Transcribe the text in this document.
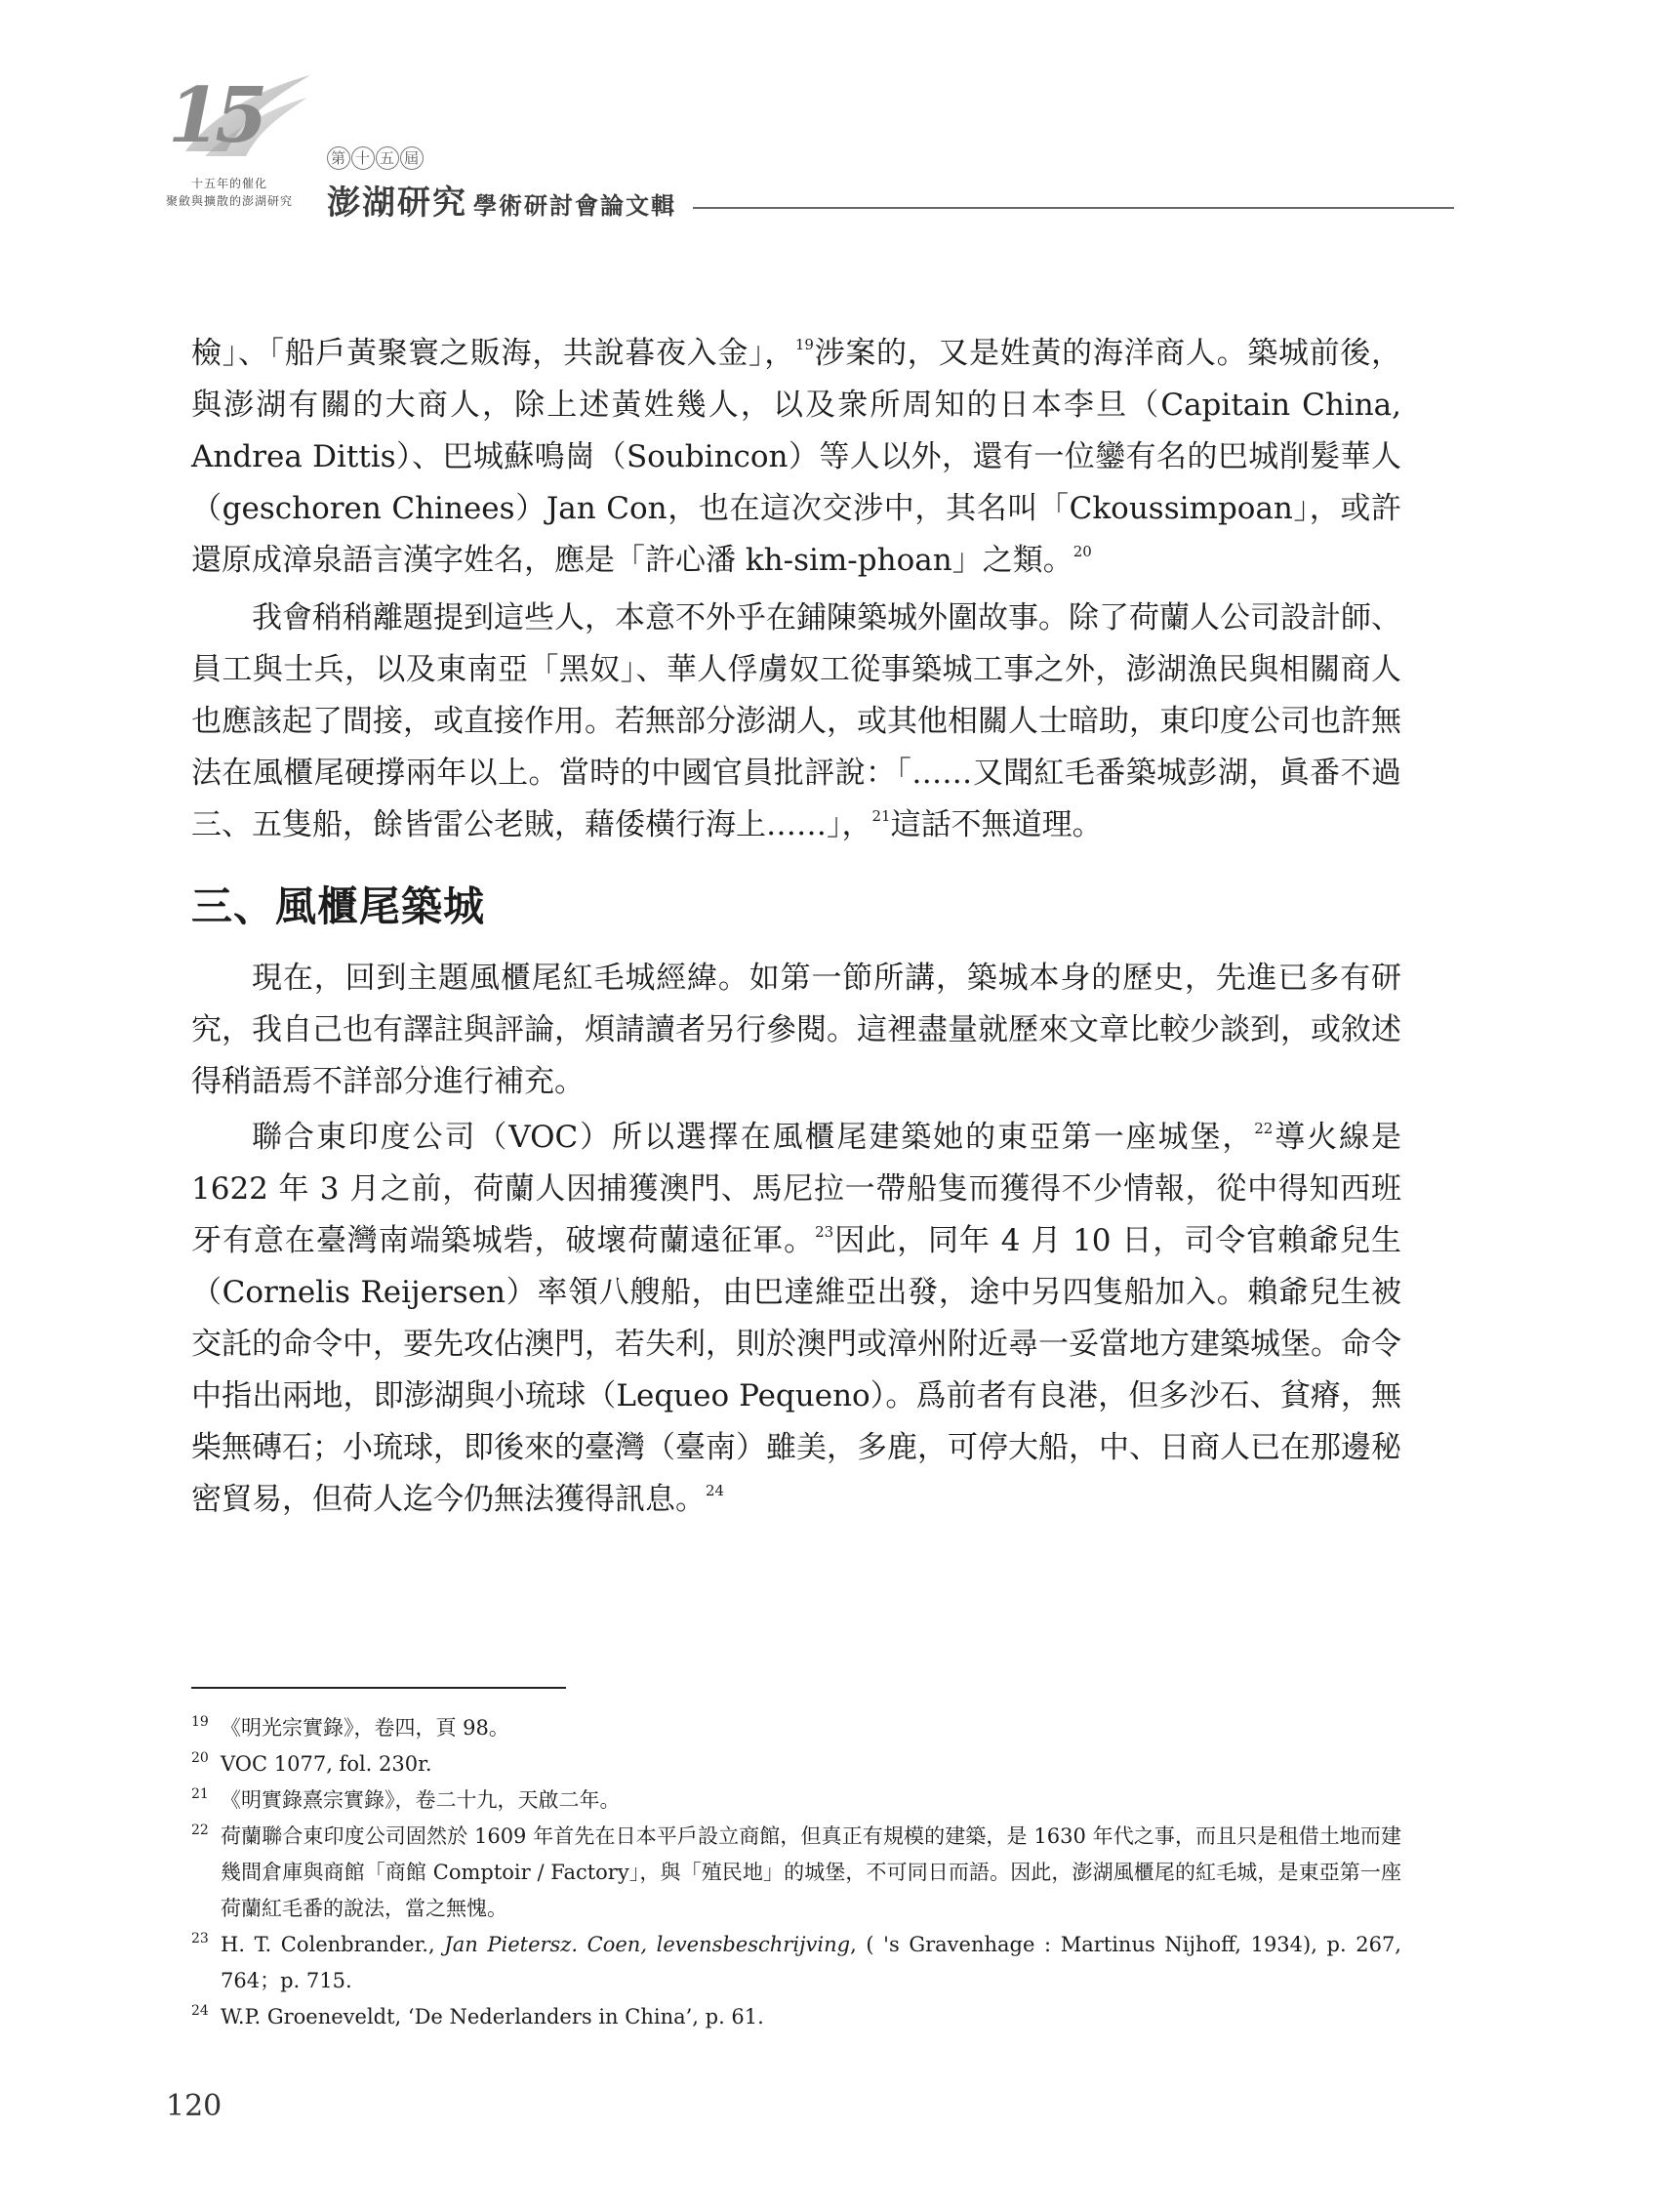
15
十五年的催化
聚斂與擴散的澎湖研究
第 十 五 屆
澎湖研究 學術研討會論文輯

檢」、「船戶黃聚寰之販海，共說暮夜入金」，$^{19}$涉案的，又是姓黃的海洋商人。築城前後，與澎湖有關的大商人，除上述黃姓幾人，以及衆所周知的日本李旦（Capitain China, Andrea Dittis）、巴城蘇鳴崗（Soubincon）等人以外，還有一位鑾有名的巴城削髮華人（geschoren Chinees）Jan Con，也在這次交涉中，其名叫「Ckoussimpoan」，或許還原成漳泉語言漢字姓名，應是「許心潘 kh-sim-phoan」之類。$^{20}$

我會稍稍離題提到這些人，本意不外乎在鋪陳築城外圍故事。除了荷蘭人公司設計師、員工與士兵，以及東南亞「黑奴」、華人俘虜奴工從事築城工事之外，澎湖漁民與相關商人也應該起了間接，或直接作用。若無部分澎湖人，或其他相關人士暗助，東印度公司也許無法在風櫃尾硬撐兩年以上。當時的中國官員批評說：「……又聞紅毛番築城彭湖，眞番不過三、五隻船，餘皆雷公老賊，藉倭橫行海上……」，$^{21}$這話不無道理。

三、風櫃尾築城

現在，回到主題風櫃尾紅毛城經緯。如第一節所講，築城本身的歷史，先進已多有研究，我自己也有譯註與評論，煩請讀者另行參閱。這裡盡量就歷來文章比較少談到，或敘述得稍語焉不詳部分進行補充。

聯合東印度公司（VOC）所以選擇在風櫃尾建築她的東亞第一座城堡，$^{22}$導火線是 1622 年 3 月之前，荷蘭人因捕獲澳門、馬尼拉一帶船隻而獲得不少情報，從中得知西班牙有意在臺灣南端築城砦，破壞荷蘭遠征軍。$^{23}$因此，同年 4 月 10 日，司令官賴爺兒生（Cornelis Reijersen）率領八艘船，由巴達維亞出發，途中另四隻船加入。賴爺兒生被交託的命令中，要先攻佔澳門，若失利，則於澳門或漳州附近尋一妥當地方建築城堡。命令中指出兩地，即澎湖與小琉球（Lequeo Pequeno）。爲前者有良港，但多沙石、貧瘠，無柴無磚石；小琉球，即後來的臺灣（臺南）雖美，多鹿，可停大船，中、日商人已在那邊秘密貿易，但荷人迄今仍無法獲得訊息。$^{24}$

19 《明光宗實錄》，卷四，頁 98。

20 VOC 1077, fol. 230r.

21 《明實錄熹宗實錄》，卷二十九，天啟二年。

22 荷蘭聯合東印度公司固然於 1609 年首先在日本平戶設立商館，但真正有規模的建築，是 1630 年代之事，而且只是租借土地而建幾間倉庫與商館「商館 Comptoir / Factory」，與「殖民地」的城堡，不可同日而語。因此，澎湖風櫃尾的紅毛城，是東亞第一座荷蘭紅毛番的說法，當之無愧。

23 H. T. Colenbrander., Jan Pietersz. Coen, levensbeschrijving, ( 's Gravenhage : Martinus Nijhoff, 1934), p. 267, 764；p. 715.

24 W.P. Groeneveldt, ‘De Nederlanders in China’, p. 61.

120
